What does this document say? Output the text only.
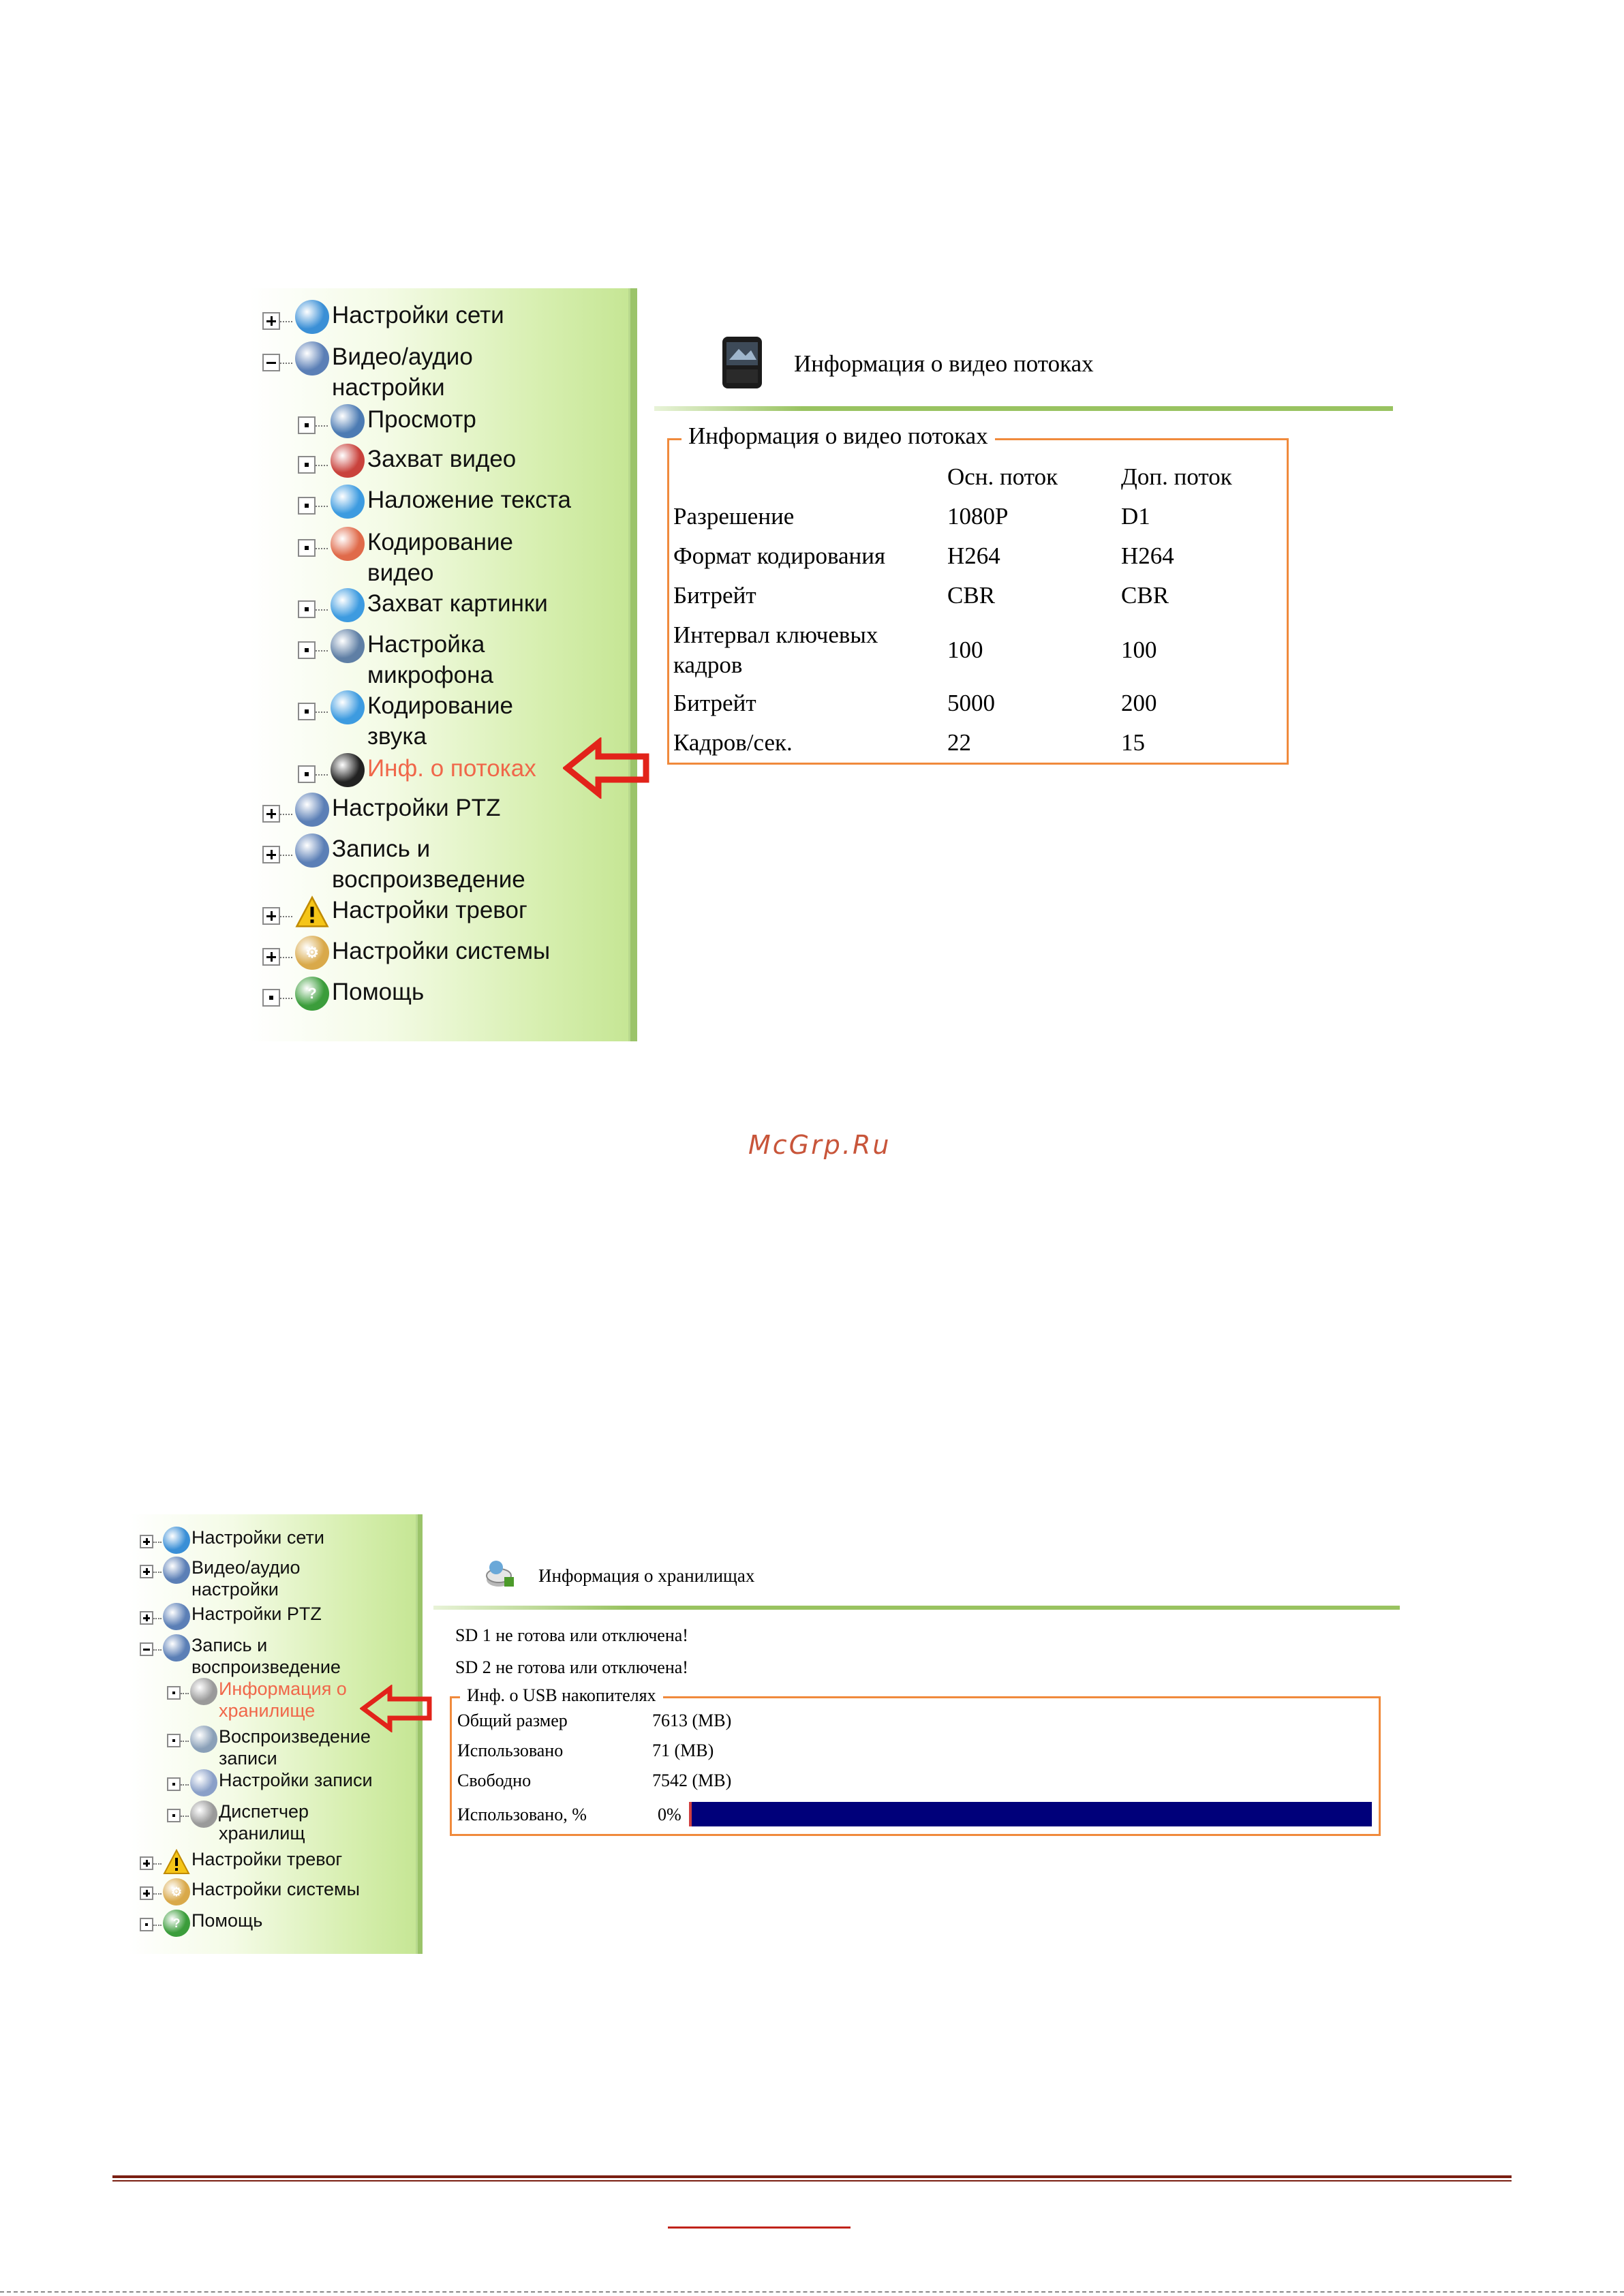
Настройки сети
Видео/аудио
настройки
Просмотр
Захват видео
Наложение текста
Кодирование
видео
Захват картинки
Настройка
микрофона
Кодирование
звука
Инф. о потоках
Настройки PTZ
Запись и
воспроизведение
Настройки тревог
⚙ Настройки системы
? Помощь
Информация о видео потоках
Информация о видео потоках
Осн. поток	Доп. поток
Разрешение	1080P	D1
Формат кодирования	H264	H264
Битрейт	CBR	CBR
Интервал ключевых
кадров
100	100
Битрейт	5000	200
Кадров/сек.	22	15
McGrp.Ru
Настройки сети
Видео/аудио
настройки
Настройки PTZ
Запись и
воспроизведение
Информация о
хранилище
Воспроизведение
записи
Настройки записи
Диспетчер
хранилищ
Настройки тревог
⚙ Настройки системы
? Помощь
Информация о хранилищах
SD 1 не готова или отключена!
SD 2 не готова или отключена!
Инф. о USB накопителях
Общий размер	7613 (MB)
Использовано	71 (MB)
Свободно	7542 (MB)
Использовано, %	0%
